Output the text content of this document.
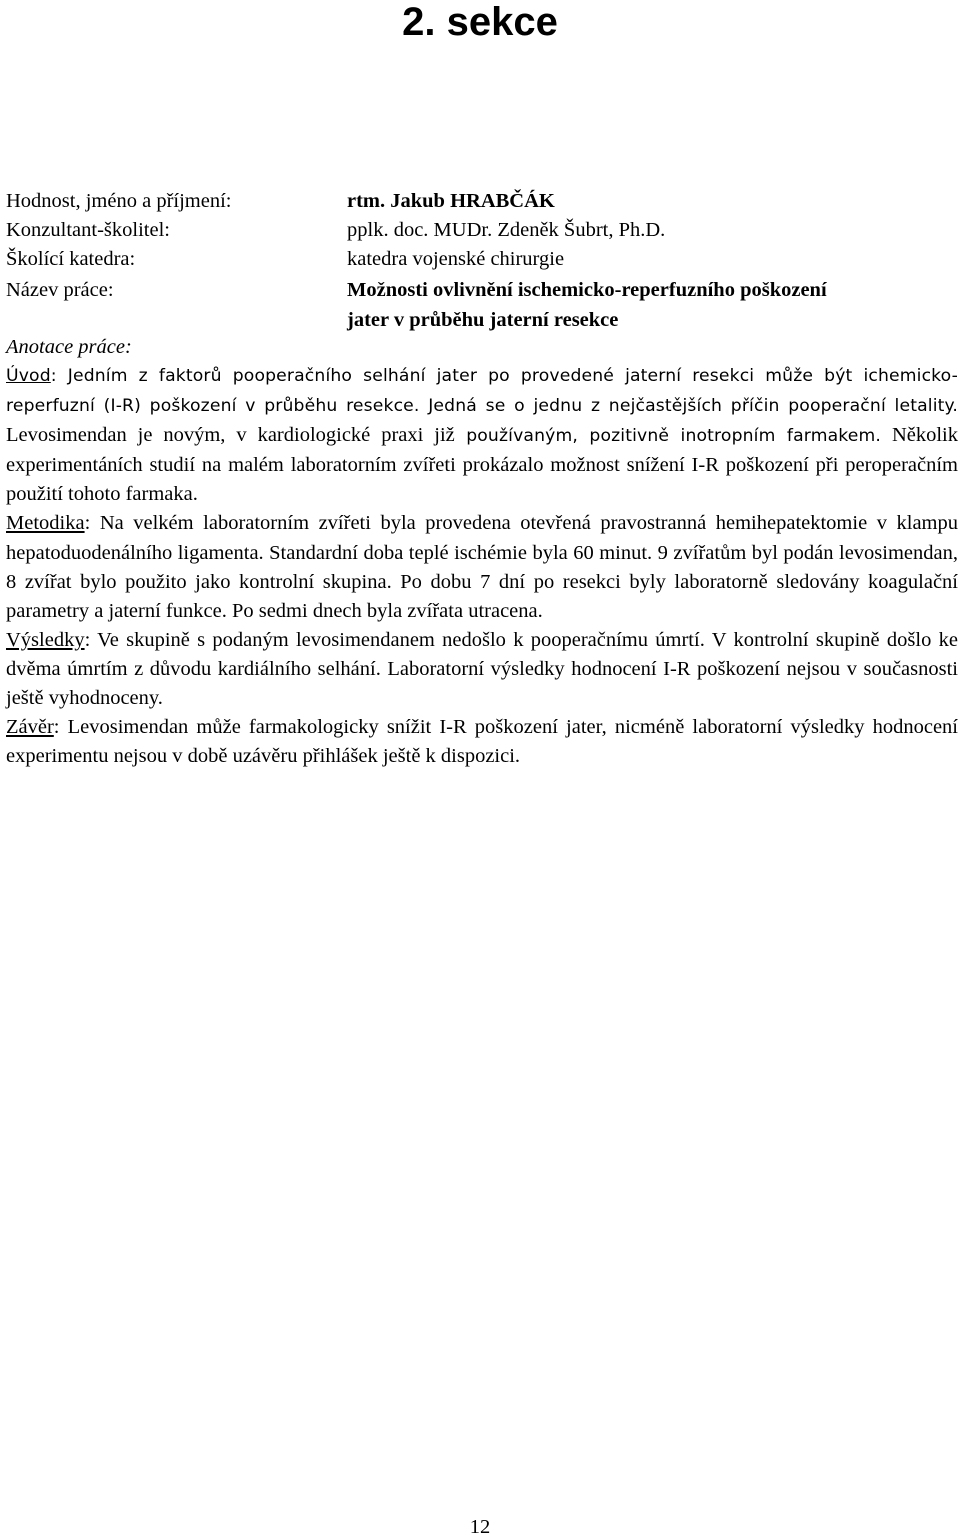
2. sekce
Hodnost, jméno a příjmení:	rtm. Jakub HRABČÁK
Konzultant-školitel:	pplk. doc. MUDr. Zdeněk Šubrt, Ph.D.
Školící katedra:	katedra vojenské chirurgie
Název práce:	Možnosti ovlivnění ischemicko-reperfuzního poškození
jater v průběhu jaterní resekce
Anotace práce:

Úvod: Jedním z faktorů pooperačního selhání jater po provedené jaterní resekci může být ichemicko-reperfuzní (I-R) poškození v průběhu resekce. Jedná se o jednu z nejčastějších příčin pooperační letality. Levosimendan je novým, v kardiologické praxi již používaným, pozitivně inotropním farmakem. Několik experimentáních studií na malém laboratorním zvířeti prokázalo možnost snížení I-R poškození při peroperačním použití tohoto farmaka.

Metodika: Na velkém laboratorním zvířeti byla provedena otevřená pravostranná hemihepatektomie v klampu hepatoduodenálního ligamenta. Standardní doba teplé ischémie byla 60 minut. 9 zvířatům byl podán levosimendan, 8 zvířat bylo použito jako kontrolní skupina. Po dobu 7 dní po resekci byly laboratorně sledovány koagulační parametry a jaterní funkce. Po sedmi dnech byla zvířata utracena.

Výsledky: Ve skupině s podaným levosimendanem nedošlo k pooperačnímu úmrtí. V kontrolní skupině došlo ke dvěma úmrtím z důvodu kardiálního selhání. Laboratorní výsledky hodnocení I-R poškození nejsou v současnosti ještě vyhodnoceny.

Závěr: Levosimendan může farmakologicky snížit I-R poškození jater, nicméně laboratorní výsledky hodnocení experimentu nejsou v době uzávěru přihlášek ještě k dispozici.

12
